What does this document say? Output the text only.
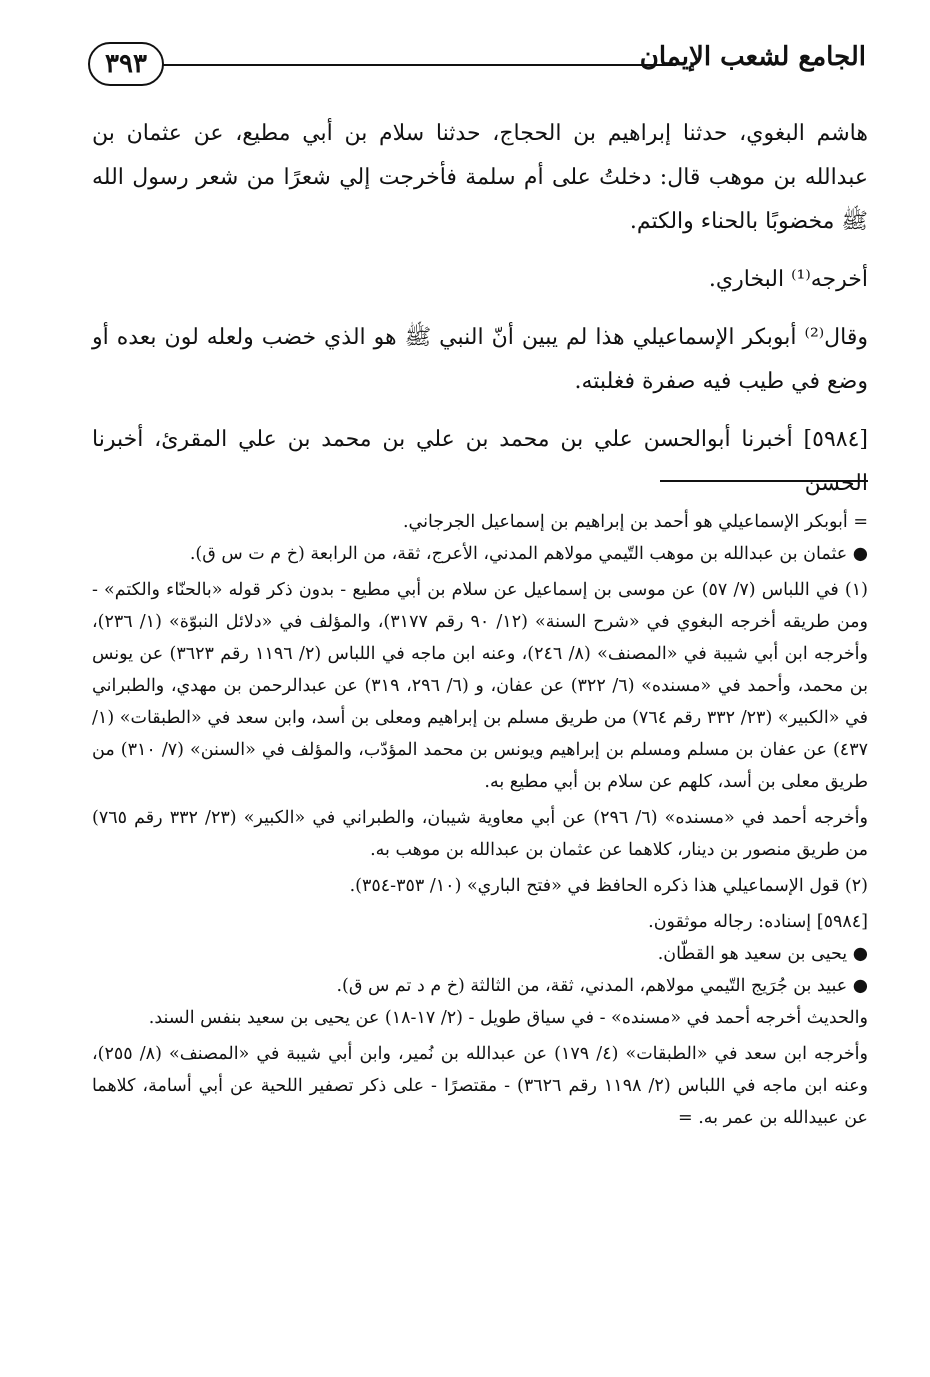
٣٩٣	الجامع لشعب الإيمان

هاشم البغوي، حدثنا إبراهيم بن الحجاج، حدثنا سلام بن أبي مطيع، عن عثمان بن عبدالله بن موهب قال: دخلتُ على أم سلمة فأخرجت إلي شعرًا من شعر رسول الله ﷺ مخضوبًا بالحناء والكتم.

أخرجه⁽¹⁾ البخاري.

وقال⁽²⁾ أبوبكر الإسماعيلي هذا لم يبين أنّ النبي ﷺ هو الذي خضب ولعله لون بعده أو وضع في طيب فيه صفرة فغلبته.

[٥٩٨٤] أخبرنا أبوالحسن علي بن محمد بن علي بن محمد بن علي المقرئ، أخبرنا الحسن

= أبوبكر الإسماعيلي هو أحمد بن إبراهيم بن إسماعيل الجرجاني.

● عثمان بن عبدالله بن موهب التّيمي مولاهم المدني، الأعرج، ثقة، من الرابعة (خ م ت س ق).

(١) في اللباس (٧/ ٥٧) عن موسى بن إسماعيل عن سلام بن أبي مطيع - بدون ذكر قوله «بالحنّاء والكتم» - ومن طريقه أخرجه البغوي في «شرح السنة» (١٢/ ٩٠ رقم ٣١٧٧)، والمؤلف في «دلائل النبوّة» (١/ ٢٣٦)، وأخرجه ابن أبي شيبة في «المصنف» (٨/ ٢٤٦)، وعنه ابن ماجه في اللباس (٢/ ١١٩٦ رقم ٣٦٢٣) عن يونس بن محمد، وأحمد في «مسنده» (٦/ ٣٢٢) عن عفان، و (٦/ ٢٩٦، ٣١٩) عن عبدالرحمن بن مهدي، والطبراني في «الكبير» (٢٣/ ٣٣٢ رقم ٧٦٤) من طريق مسلم بن إبراهيم ومعلى بن أسد، وابن سعد في «الطبقات» (١/ ٤٣٧) عن عفان بن مسلم ومسلم بن إبراهيم ويونس بن محمد المؤدّب، والمؤلف في «السنن» (٧/ ٣١٠) من طريق معلى بن أسد، كلهم عن سلام بن أبي مطيع به.

وأخرجه أحمد في «مسنده» (٦/ ٢٩٦) عن أبي معاوية شيبان، والطبراني في «الكبير» (٢٣/ ٣٣٢ رقم ٧٦٥) من طريق منصور بن دينار، كلاهما عن عثمان بن عبدالله بن موهب به.

(٢) قول الإسماعيلي هذا ذكره الحافظ في «فتح الباري» (١٠/ ٣٥٣-٣٥٤).

[٥٩٨٤] إسناده: رجاله موثقون.

● يحيى بن سعيد هو القطّان.

● عبيد بن جُرَيج التّيمي مولاهم، المدني، ثقة، من الثالثة (خ م د تم س ق).

والحديث أخرجه أحمد في «مسنده» - في سياق طويل - (٢/ ١٧-١٨) عن يحيى بن سعيد بنفس السند.

وأخرجه ابن سعد في «الطبقات» (٤/ ١٧٩) عن عبدالله بن نُمير، وابن أبي شيبة في «المصنف» (٨/ ٢٥٥)، وعنه ابن ماجه في اللباس (٢/ ١١٩٨ رقم ٣٦٢٦) - مقتصرًا - على ذكر تصفير اللحية عن أبي أسامة، كلاهما عن عبيدالله بن عمر به. =
